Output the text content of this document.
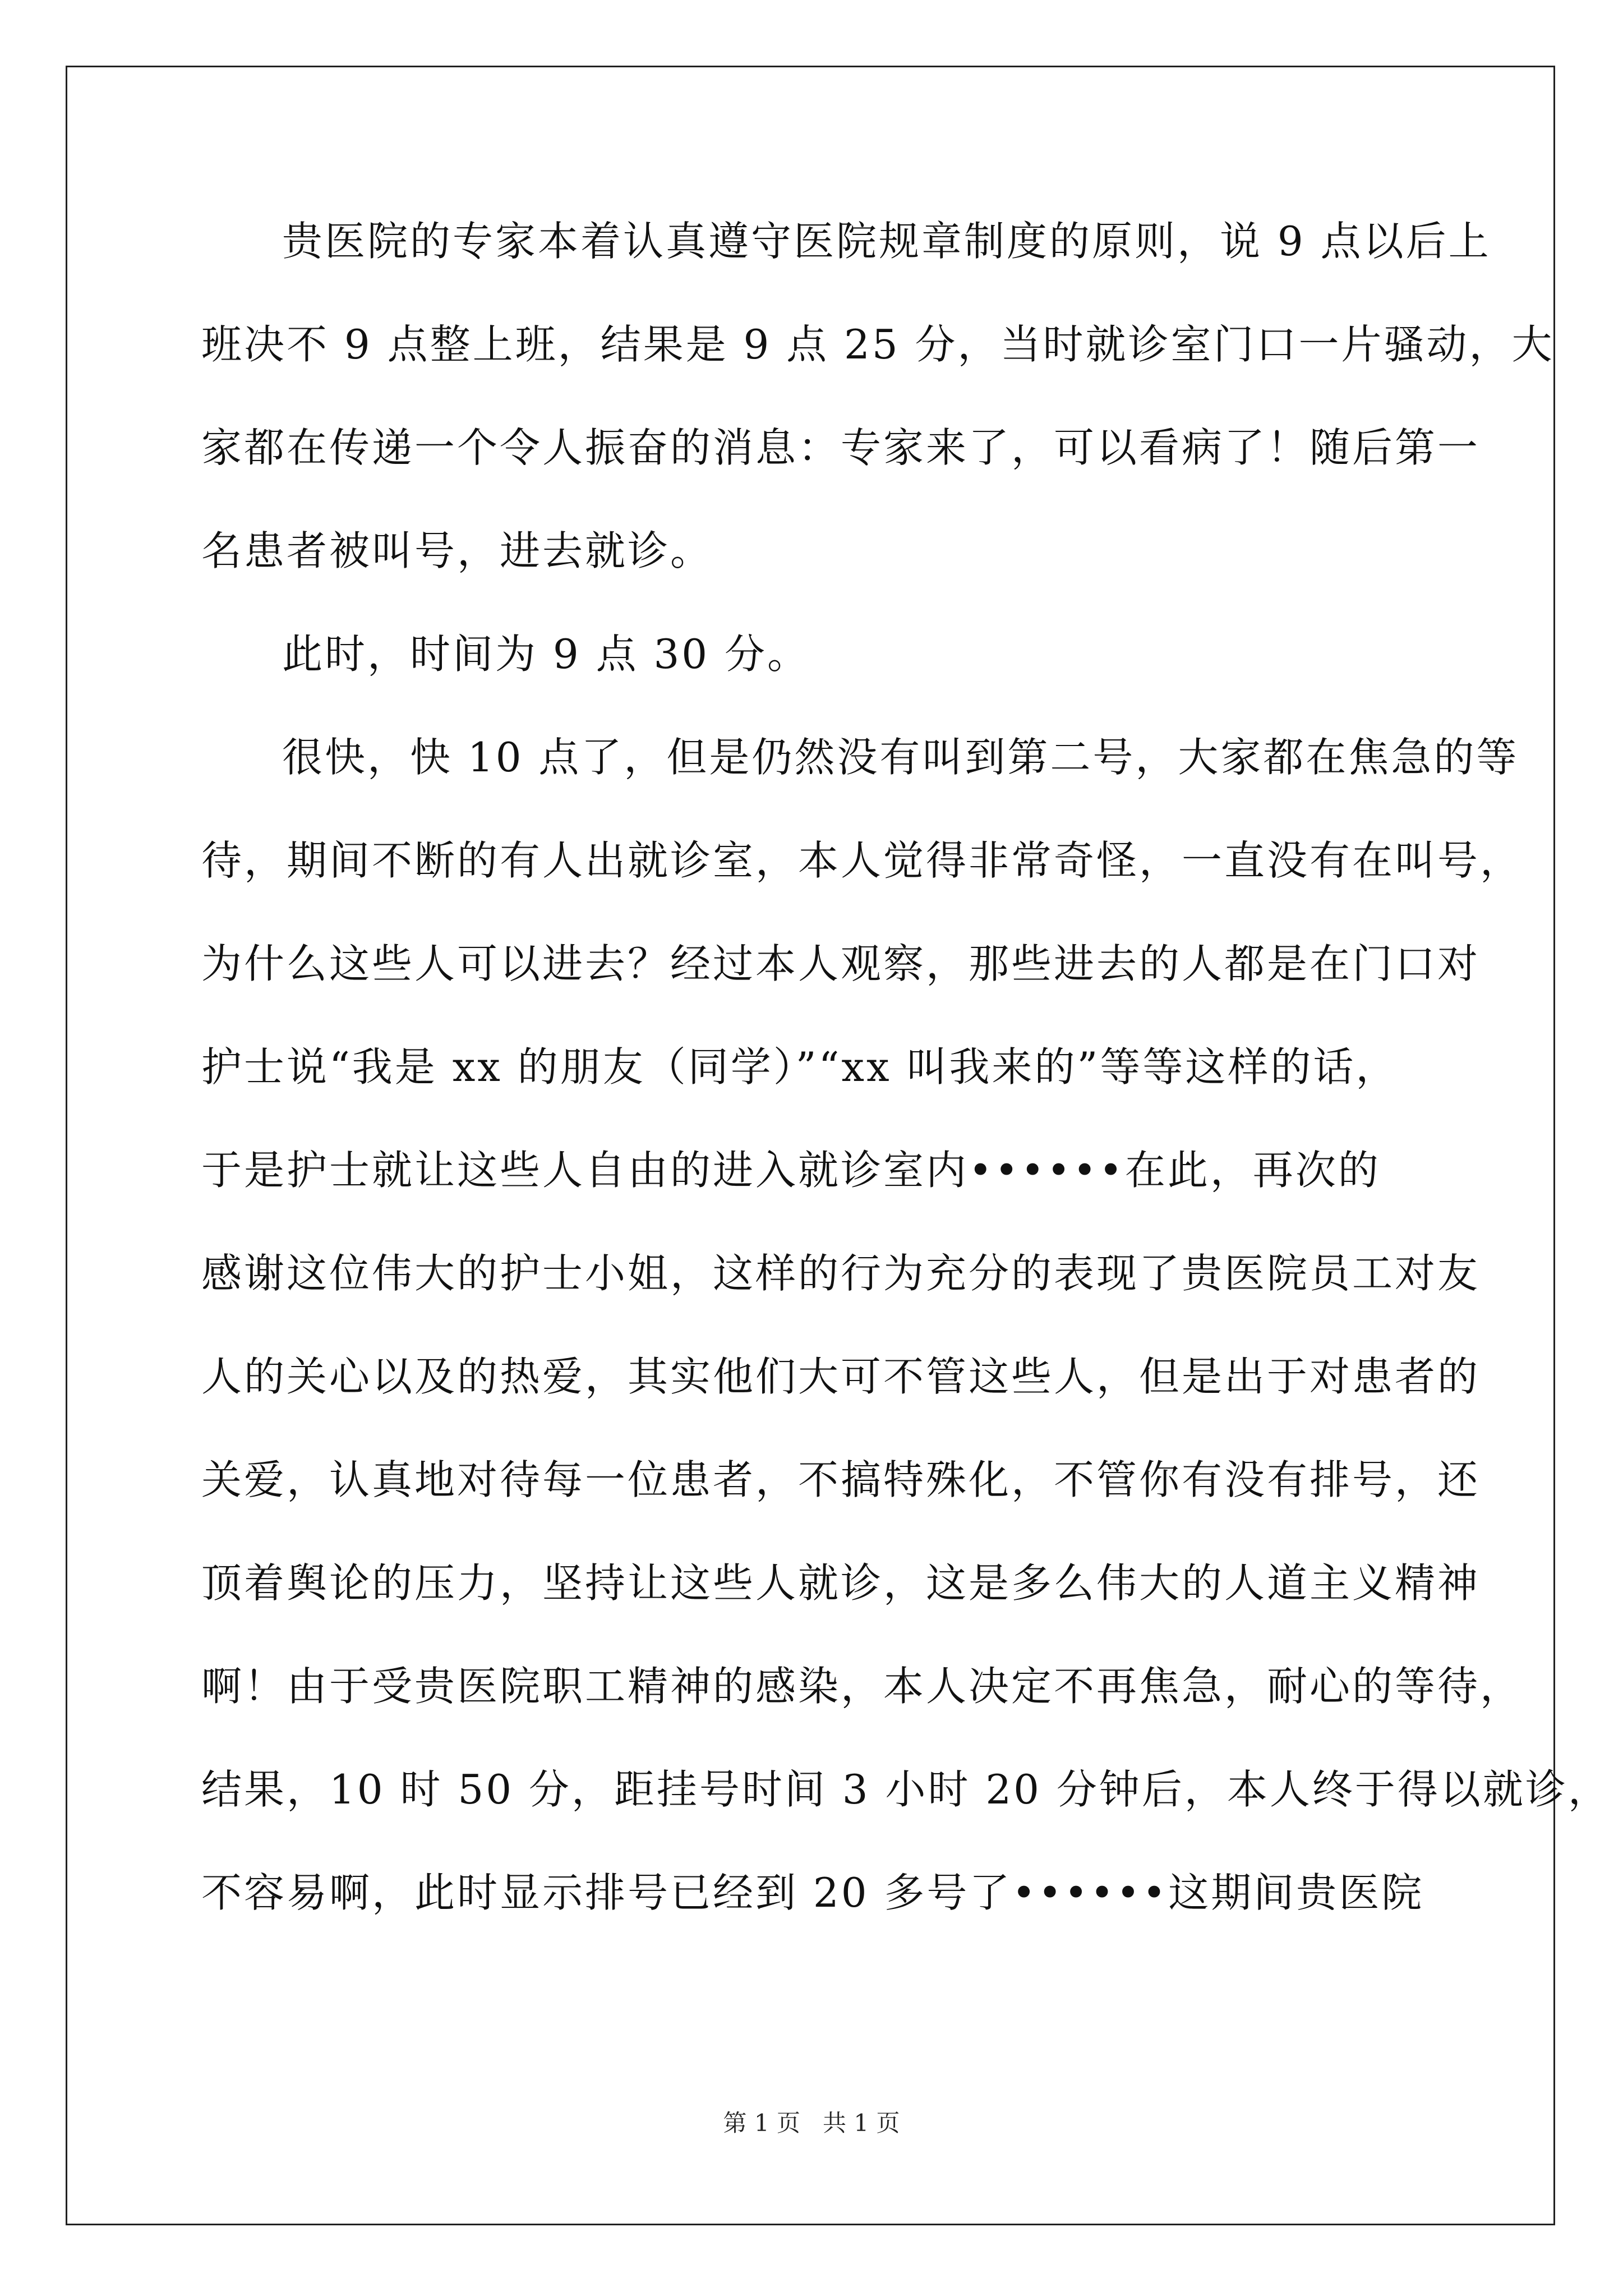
贵医院的专家本着认真遵守医院规章制度的原则，说 9 点以后上
班决不 9 点整上班，结果是 9 点 25 分，当时就诊室门口一片骚动，大
家都在传递一个令人振奋的消息：专家来了，可以看病了！随后第一
名患者被叫号，进去就诊。
此时，时间为 9 点 30 分。
很快，快 10 点了，但是仍然没有叫到第二号，大家都在焦急的等
待，期间不断的有人出就诊室，本人觉得非常奇怪，一直没有在叫号，
为什么这些人可以进去？经过本人观察，那些进去的人都是在门口对
护士说“我是 xx 的朋友（同学）”“xx 叫我来的”等等这样的话，
于是护士就让这些人自由的进入就诊室内••••••在此，再次的
感谢这位伟大的护士小姐，这样的行为充分的表现了贵医院员工对友
人的关心以及的热爱，其实他们大可不管这些人，但是出于对患者的
关爱，认真地对待每一位患者，不搞特殊化，不管你有没有排号，还
顶着舆论的压力，坚持让这些人就诊，这是多么伟大的人道主义精神
啊！由于受贵医院职工精神的感染，本人决定不再焦急，耐心的等待，
结果，10 时 50 分，距挂号时间 3 小时 20 分钟后，本人终于得以就诊，
不容易啊，此时显示排号已经到 20 多号了••••••这期间贵医院
第 1 页   共 1 页
